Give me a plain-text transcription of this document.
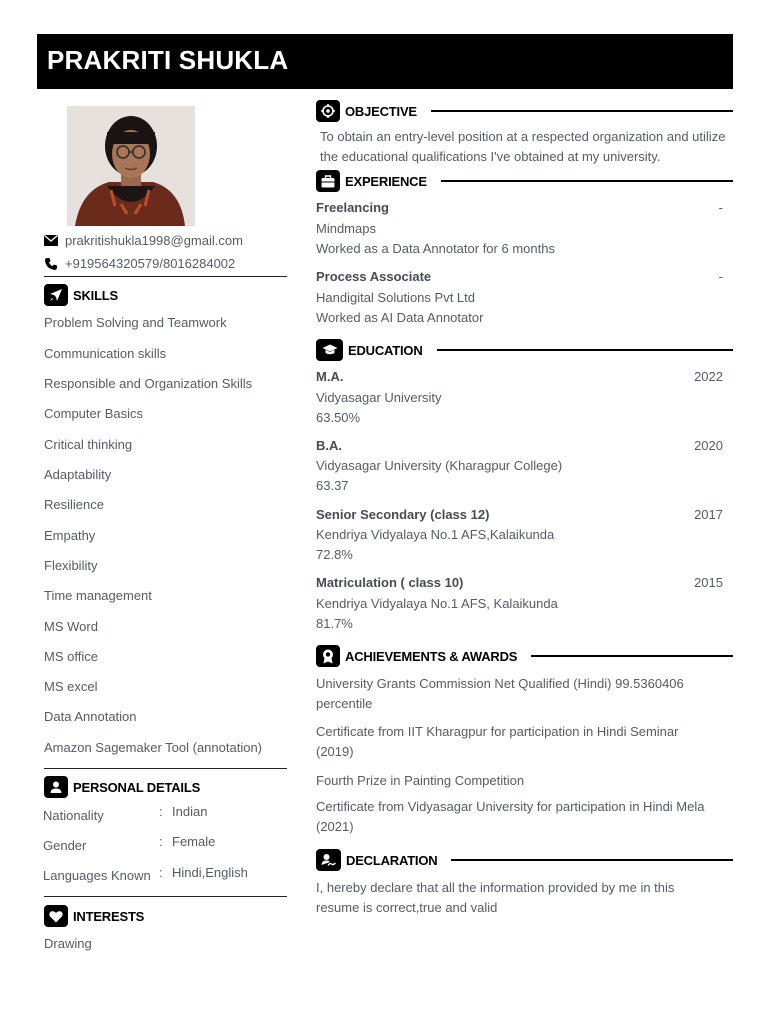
PRAKRITI SHUKLA
prakritishukla1998@gmail.com
+919564320579/8016284002
SKILLS
Problem Solving and Teamwork
Communication skills
Responsible and Organization Skills
Computer Basics
Critical thinking
Adaptability
Resilience
Empathy
Flexibility
Time management
MS Word
MS office
MS excel
Data Annotation
Amazon Sagemaker Tool (annotation)
PERSONAL DETAILS
Nationality	: Indian
Gender	: Female
Languages Known : Hindi,English
INTERESTS
Drawing
OBJECTIVE
To obtain an entry-level position at a respected organization and utilize the educational qualifications I've obtained at my university.
EXPERIENCE
Freelancing	-
Mindmaps
Worked as a Data Annotator for 6 months
Process Associate	-
Handigital Solutions Pvt Ltd
Worked as AI Data Annotator
EDUCATION
M.A.	2022
Vidyasagar University
63.50%
B.A.	2020
Vidyasagar University (Kharagpur College)
63.37
Senior Secondary (class 12)	2017
Kendriya Vidyalaya No.1 AFS,Kalaikunda
72.8%
Matriculation ( class 10)	2015
Kendriya Vidyalaya No.1 AFS, Kalaikunda
81.7%
ACHIEVEMENTS & AWARDS
University Grants Commission Net Qualified (Hindi) 99.5360406 percentile
Certificate from IIT Kharagpur for participation in Hindi Seminar (2019)
Fourth Prize in Painting Competition
Certificate from Vidyasagar University for participation in Hindi Mela (2021)
DECLARATION
I, hereby declare that all the information provided by me in this resume is correct,true and valid
